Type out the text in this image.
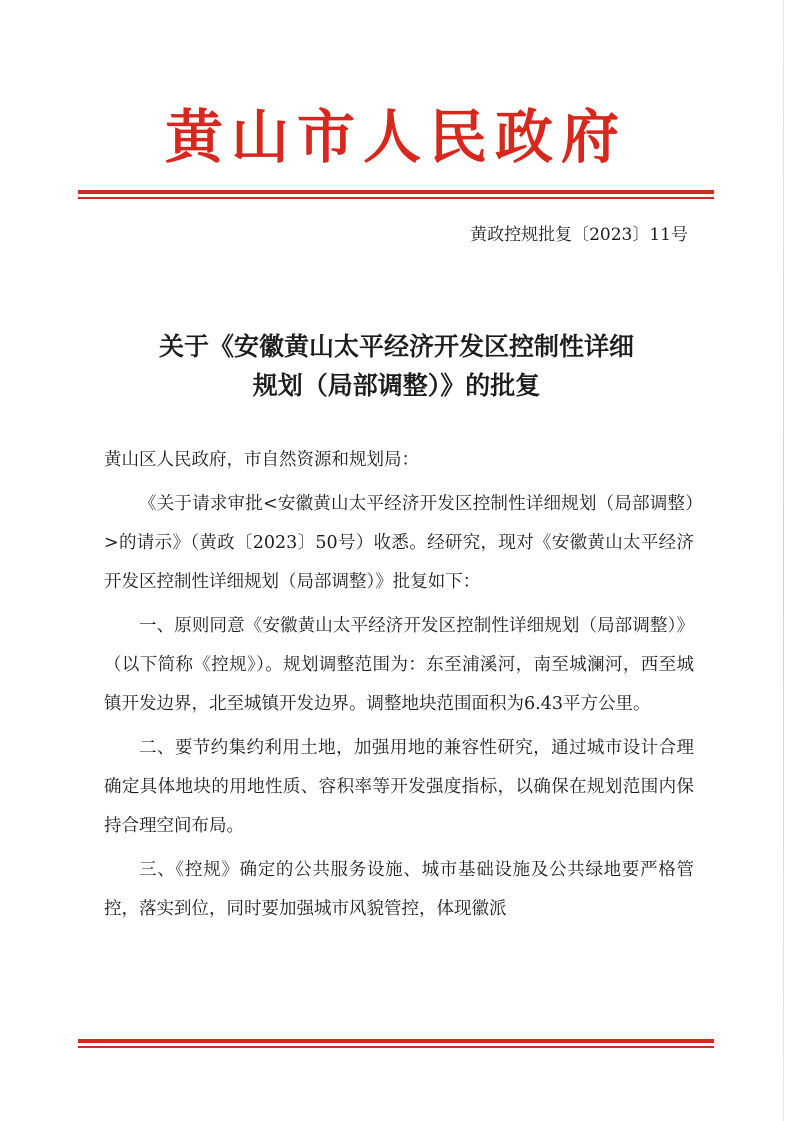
黄山市人民政府
黄政控规批复〔2023〕11号
关于《安徽黄山太平经济开发区控制性详细
规划（局部调整）》的批复

黄山区人民政府，市自然资源和规划局：

《关于请求审批<安徽黄山太平经济开发区控制性详细规划（局部调整）>的请示》（黄政〔2023〕50号）收悉。经研究，现对《安徽黄山太平经济开发区控制性详细规划（局部调整）》批复如下：

一、原则同意《安徽黄山太平经济开发区控制性详细规划（局部调整）》（以下简称《控规》）。规划调整范围为：东至浦溪河，南至城澜河，西至城镇开发边界，北至城镇开发边界。调整地块范围面积为6.43平方公里。

二、要节约集约利用土地，加强用地的兼容性研究，通过城市设计合理确定具体地块的用地性质、容积率等开发强度指标，以确保在规划范围内保持合理空间布局。

三、《控规》确定的公共服务设施、城市基础设施及公共绿地要严格管控，落实到位，同时要加强城市风貌管控，体现徽派
